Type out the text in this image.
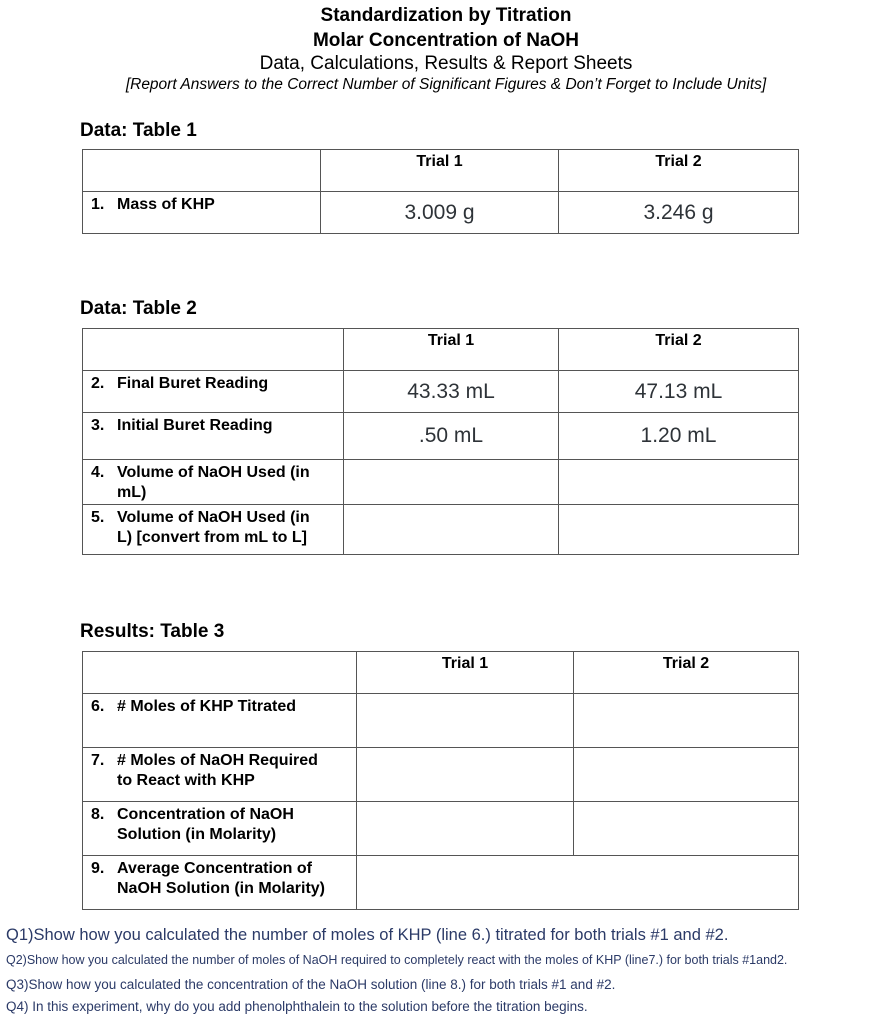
Standardization by Titration
Molar Concentration of NaOH
Data, Calculations, Results & Report Sheets
[Report Answers to the Correct Number of Significant Figures & Don’t Forget to Include Units]
Data: Table 1
	Trial 1	Trial 2
1. Mass of KHP	3.009 g	3.246 g
Data: Table 2
	Trial 1	Trial 2
2. Final Buret Reading	43.33 mL	47.13 mL
3. Initial Buret Reading	.50 mL	1.20 mL
4. Volume of NaOH Used (in
mL)		

5. Volume of NaOH Used (in
L) [convert from mL to L]		

Results: Table 3
	Trial 1	Trial 2
6. # Moles of KHP Titrated		
7. # Moles of NaOH Required
to React with KHP		

8. Concentration of NaOH
Solution (in Molarity)		

9. Average Concentration of
NaOH Solution (in Molarity)		

Q1)Show how you calculated the number of moles of KHP (line 6.) titrated for both trials #1 and #2.
Q2)Show how you calculated the number of moles of NaOH required to completely react with the moles of KHP (line7.) for both trials #1and2.
Q3)Show how you calculated the concentration of the NaOH solution (line 8.) for both trials #1 and #2.
Q4) In this experiment, why do you add phenolphthalein to the solution before the titration begins.
